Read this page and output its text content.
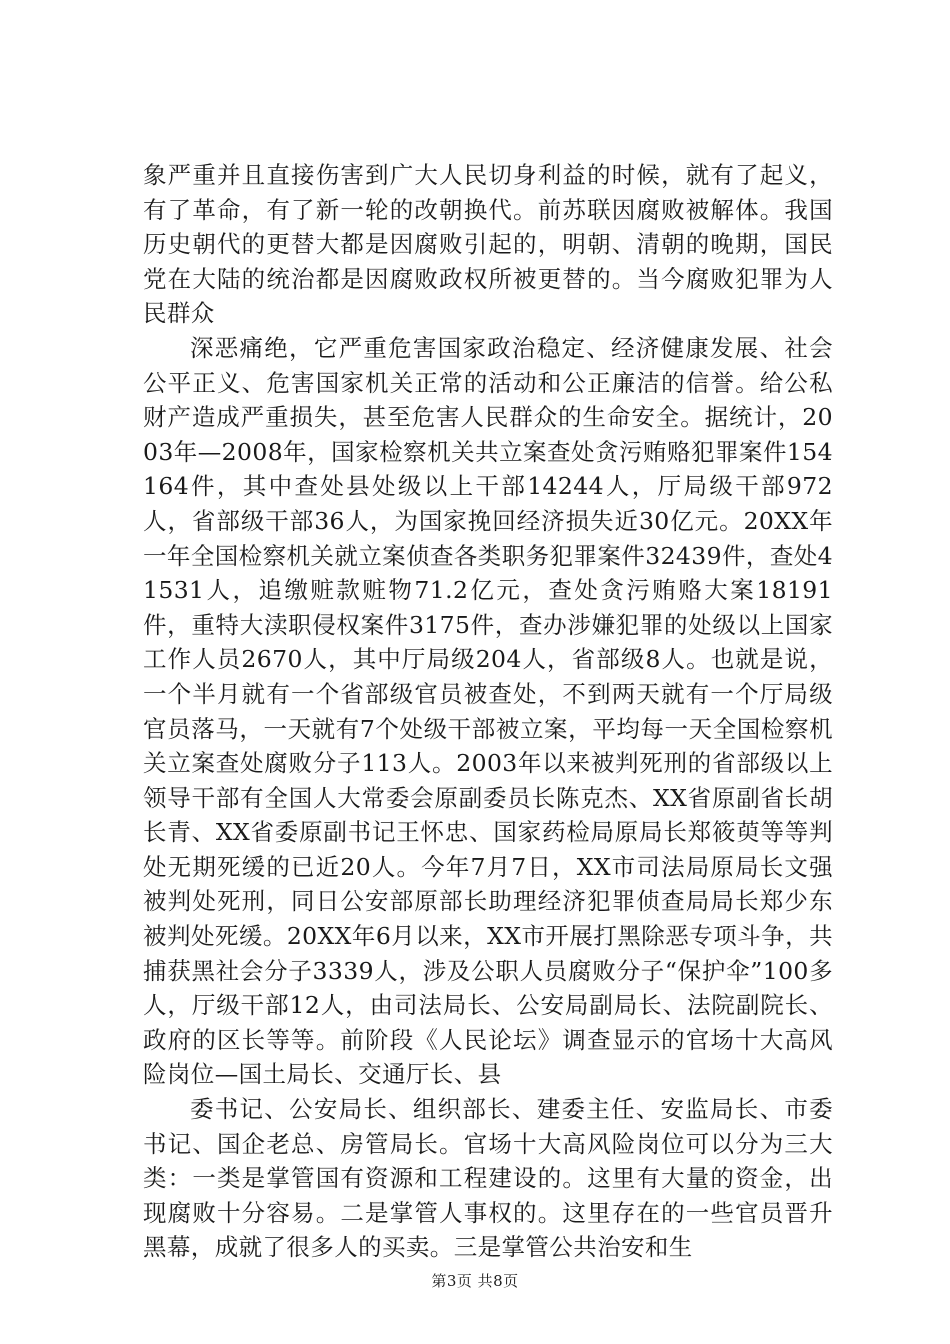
象严重并且直接伤害到广大人民切身利益的时候，就有了起义，有了革命，有了新一轮的改朝换代。前苏联因腐败被解体。我国历史朝代的更替大都是因腐败引起的，明朝、清朝的晚期，国民党在大陆的统治都是因腐败政权所被更替的。当今腐败犯罪为人民群众

深恶痛绝，它严重危害国家政治稳定、经济健康发展、社会公平正义、危害国家机关正常的活动和公正廉洁的信誉。给公私财产造成严重损失，甚至危害人民群众的生命安全。据统计，2003年—2008年，国家检察机关共立案查处贪污贿赂犯罪案件154164件，其中查处县处级以上干部14244人，厅局级干部972人，省部级干部36人，为国家挽回经济损失近30亿元。20XX年一年全国检察机关就立案侦查各类职务犯罪案件32439件，查处41531人，追缴赃款赃物71.2亿元，查处贪污贿赂大案18191件，重特大渎职侵权案件3175件，查办涉嫌犯罪的处级以上国家工作人员2670人，其中厅局级204人，省部级8人。也就是说，一个半月就有一个省部级官员被查处，不到两天就有一个厅局级官员落马，一天就有7个处级干部被立案，平均每一天全国检察机关立案查处腐败分子113人。2003年以来被判死刑的省部级以上领导干部有全国人大常委会原副委员长陈克杰、XX省原副省长胡长青、XX省委原副书记王怀忠、国家药检局原局长郑筱萸等等判处无期死缓的已近20人。今年7月7日，XX市司法局原局长文强被判处死刑，同日公安部原部长助理经济犯罪侦查局局长郑少东被判处死缓。20XX年6月以来，XX市开展打黑除恶专项斗争，共捕获黑社会分子3339人，涉及公职人员腐败分子“保护伞”100多人，厅级干部12人，由司法局长、公安局副局长、法院副院长、政府的区长等等。前阶段《人民论坛》调查显示的官场十大高风险岗位—国土局长、交通厅长、县

委书记、公安局长、组织部长、建委主任、安监局长、市委书记、国企老总、房管局长。官场十大高风险岗位可以分为三大类：一类是掌管国有资源和工程建设的。这里有大量的资金，出现腐败十分容易。二是掌管人事权的。这里存在的一些官员晋升黑幕，成就了很多人的买卖。三是掌管公共治安和生

第3页 共8页
